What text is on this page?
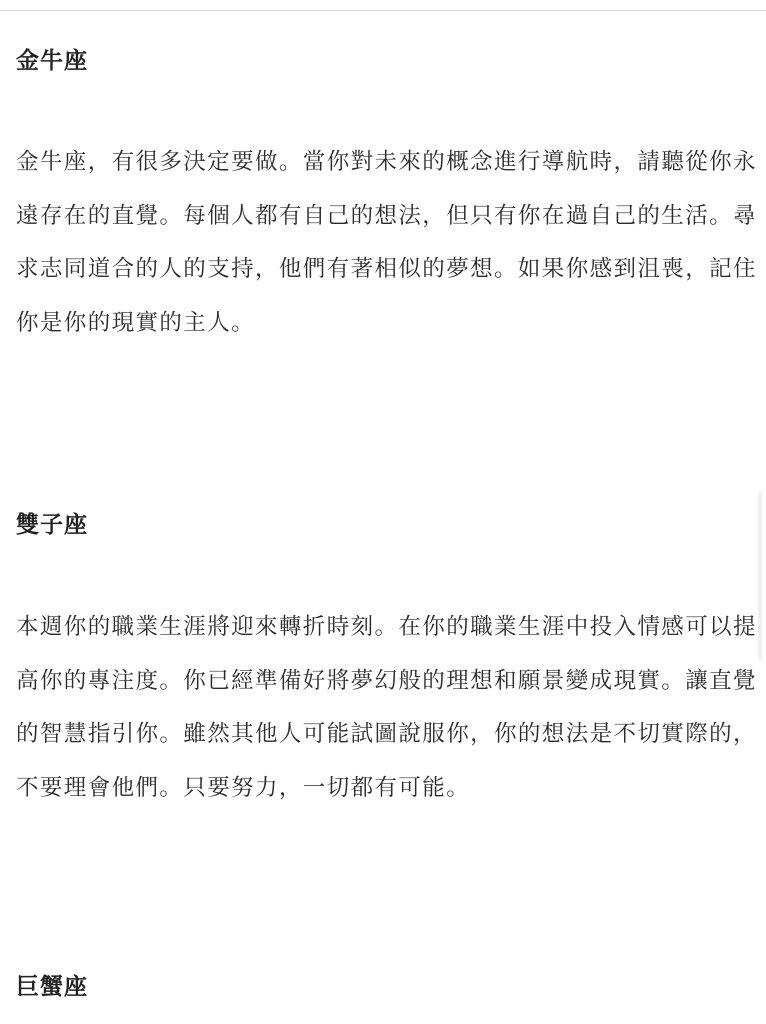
金牛座

金牛座，有很多決定要做。當你對未來的概念進行導航時，請聽從你永遠存在的直覺。每個人都有自己的想法，但只有你在過自己的生活。尋求志同道合的人的支持，他們有著相似的夢想。如果你感到沮喪，記住你是你的現實的主人。

雙子座

本週你的職業生涯將迎來轉折時刻。在你的職業生涯中投入情感可以提高你的專注度。你已經準備好將夢幻般的理想和願景變成現實。讓直覺的智慧指引你。雖然其他人可能試圖說服你，你的想法是不切實際的，不要理會他們。只要努力，一切都有可能。

巨蟹座
